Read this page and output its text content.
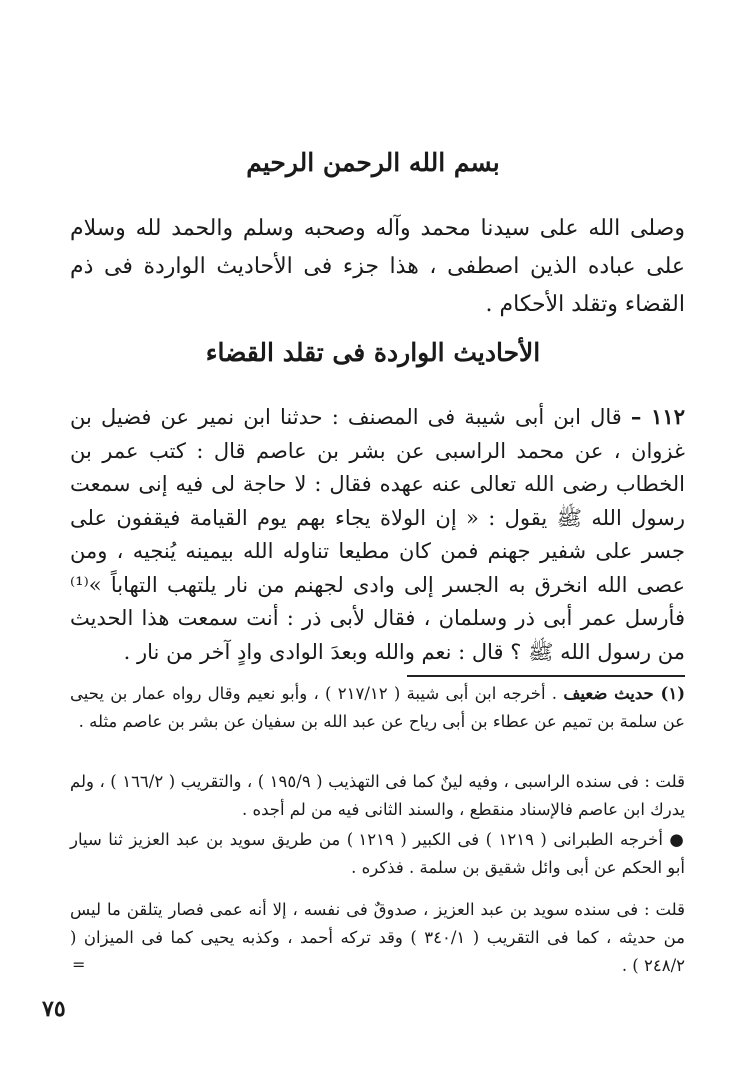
بسم الله الرحمن الرحيم
وصلى الله على سيدنا محمد وآله وصحبه وسلم والحمد لله وسلام على عباده الذين اصطفى ، هذا جزء فى الأحاديث الواردة فى ذم القضاء وتقلد الأحكام .
الأحاديث الواردة فى تقلد القضاء
١١٢ – قال ابن أبى شيبة فى المصنف : حدثنا ابن نمير عن فضيل بن غزوان ، عن محمد الراسبى عن بشر بن عاصم قال : كتب عمر بن الخطاب رضى الله تعالى عنه عهده فقال : لا حاجة لى فيه إنى سمعت رسول الله ﷺ يقول : « إن الولاة يجاء بهم يوم القيامة فيقفون على جسر على شفير جهنم فمن كان مطيعا تناوله الله بيمينه يُنجيه ، ومن عصى الله انخرق به الجسر إلى وادى لجهنم من نار يلتهب التهاباً »⁽¹⁾ فأرسل عمر أبى ذر وسلمان ، فقال لأبى ذر : أنت سمعت هذا الحديث من رسول الله ﷺ ؟ قال : نعم والله وبعدَ الوادى وادٍ آخر من نار .
(١) حديث ضعيف . أخرجه ابن أبى شيبة ( ٢١٧/١٢ ) ، وأبو نعيم وقال رواه عمار بن يحيى عن سلمة بن تميم عن عطاء بن أبى رياح عن عبد الله بن سفيان عن بشر بن عاصم مثله .
قلت : فى سنده الراسبى ، وفيه لينٌ كما فى التهذيب ( ١٩٥/٩ ) ، والتقريب ( ١٦٦/٢ ) ، ولم يدرك ابن عاصم فالإسناد منقطع ، والسند الثانى فيه من لم أجده .
● أخرجه الطبرانى ( ١٢١٩ ) فى الكبير ( ١٢١٩ ) من طريق سويد بن عبد العزيز ثنا سيار أبو الحكم عن أبى وائل شقيق بن سلمة . فذكره .
قلت : فى سنده سويد بن عبد العزيز ، صدوقٌ فى نفسه ، إلا أنه عمى فصار يتلقن ما ليس من حديثه ، كما فى التقريب ( ٣٤٠/١ ) وقد تركه أحمد ، وكذبه يحيى كما فى الميزان ( ٢٤٨/٢ ) .
=
٧٥
